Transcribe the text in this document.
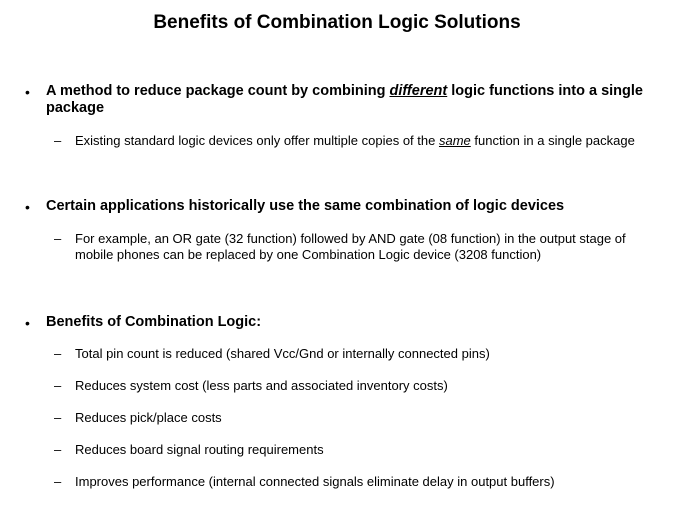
Benefits of Combination Logic Solutions
• A method to reduce package count by combining different logic functions into a single package
– Existing standard logic devices only offer multiple copies of the same function in a single package
• Certain applications historically use the same combination of logic devices
– For example, an OR gate (32 function) followed by AND gate (08 function) in the output stage of mobile phones can be replaced by one Combination Logic device (3208 function)
• Benefits of Combination Logic:
– Total pin count is reduced (shared Vcc/Gnd or internally connected pins)
– Reduces system cost (less parts and associated inventory costs)
– Reduces pick/place costs
– Reduces board signal routing requirements
– Improves performance (internal connected signals eliminate delay in output buffers)
